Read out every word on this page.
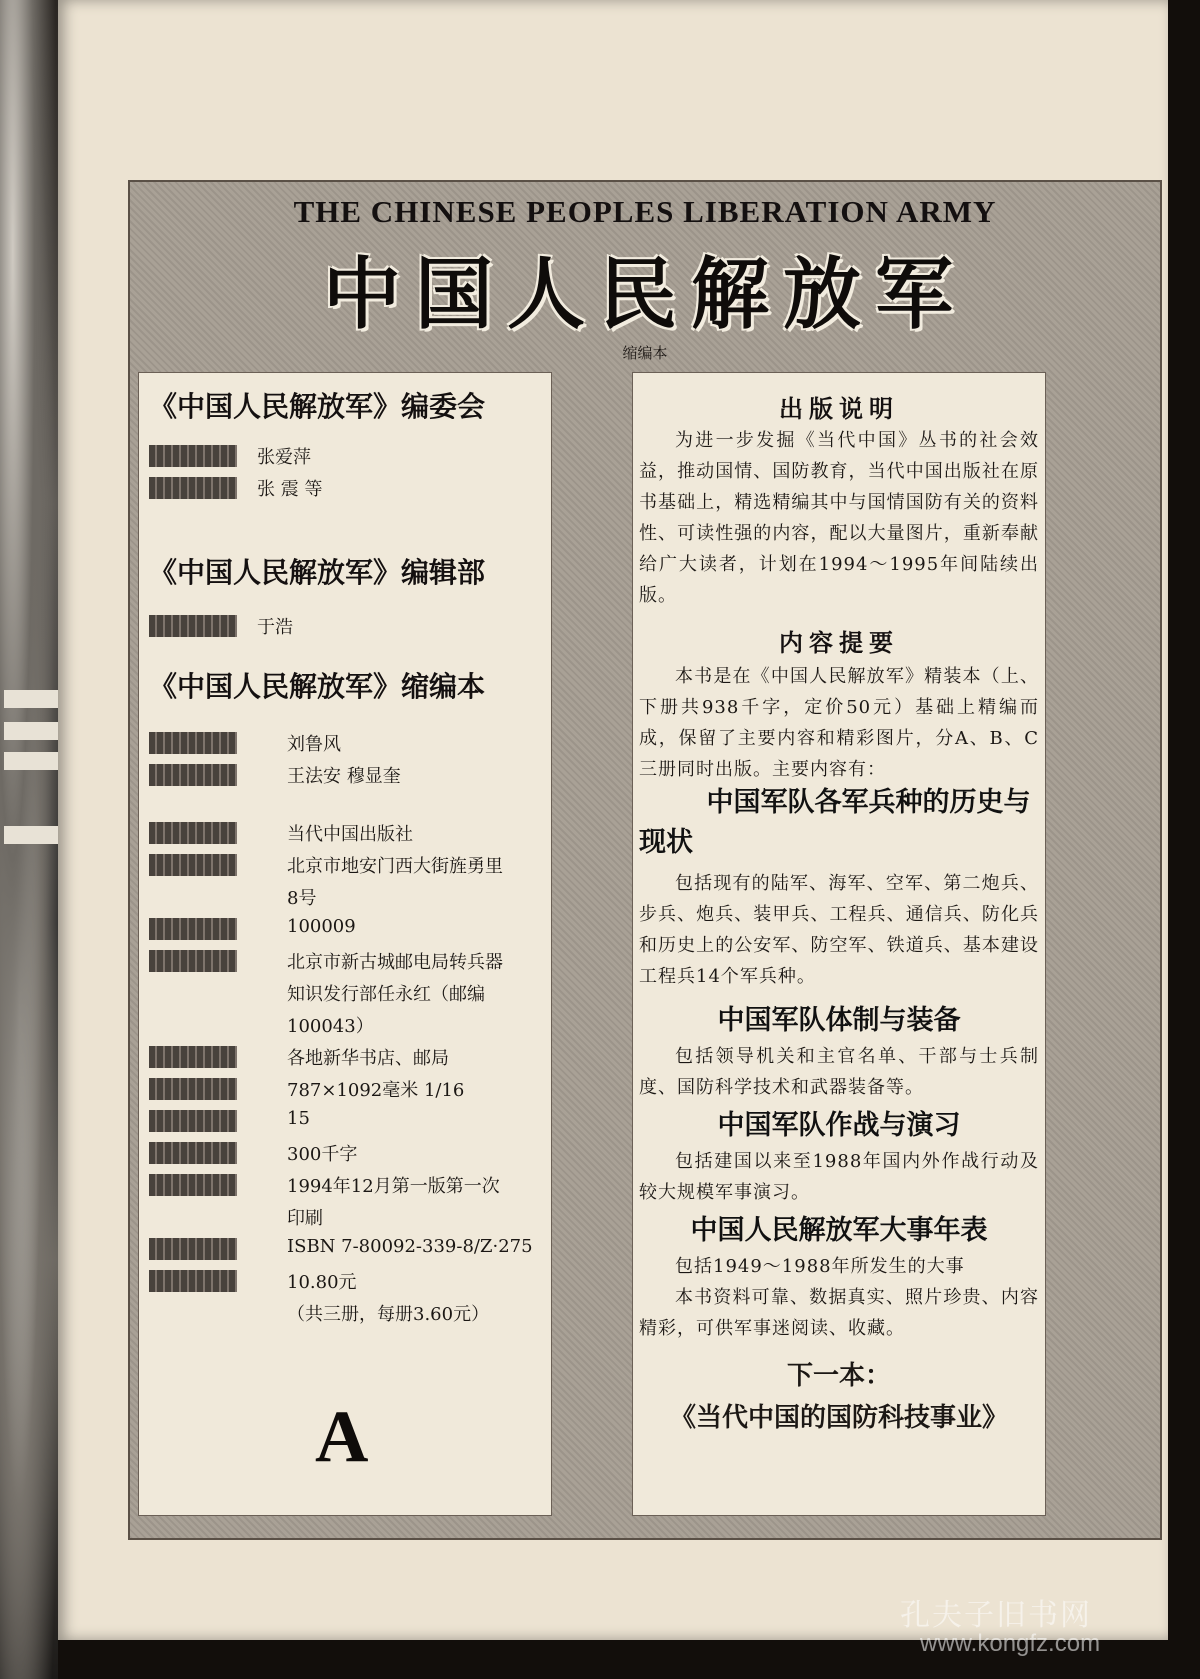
THE CHINESE PEOPLES LIBERATION ARMY
中国人民解放军
缩编本
《中国人民解放军》编委会
张爱萍
张 震 等
《中国人民解放军》编辑部
于浩
《中国人民解放军》缩编本
刘鲁风
王法安 穆显奎
当代中国出版社
北京市地安门西大街旌勇里
8号
100009
北京市新古城邮电局转兵器
知识发行部任永红（邮编
100043）
各地新华书店、邮局
787×1092毫米 1/16
15
300千字
1994年12月第一版第一次
印刷
ISBN 7-80092-339-8/Z·275
10.80元
（共三册，每册3.60元）
A
出版说明
为进一步发掘《当代中国》丛书的社会效益，推动国情、国防教育，当代中国出版社在原书基础上，精选精编其中与国情国防有关的资料性、可读性强的内容，配以大量图片，重新奉献给广大读者，计划在1994～1995年间陆续出版。
内容提要
本书是在《中国人民解放军》精装本（上、下册共938千字，定价50元）基础上精编而成，保留了主要内容和精彩图片，分A、B、C三册同时出版。主要内容有：
中国军队各军兵种的历史与现状
包括现有的陆军、海军、空军、第二炮兵、步兵、炮兵、装甲兵、工程兵、通信兵、防化兵和历史上的公安军、防空军、铁道兵、基本建设工程兵14个军兵种。
中国军队体制与装备
包括领导机关和主官名单、干部与士兵制度、国防科学技术和武器装备等。
中国军队作战与演习
包括建国以来至1988年国内外作战行动及较大规模军事演习。
中国人民解放军大事年表
包括1949～1988年所发生的大事
本书资料可靠、数据真实、照片珍贵、内容精彩，可供军事迷阅读、收藏。
下一本：
《当代中国的国防科技事业》
孔夫子旧书网
www.kongfz.com
